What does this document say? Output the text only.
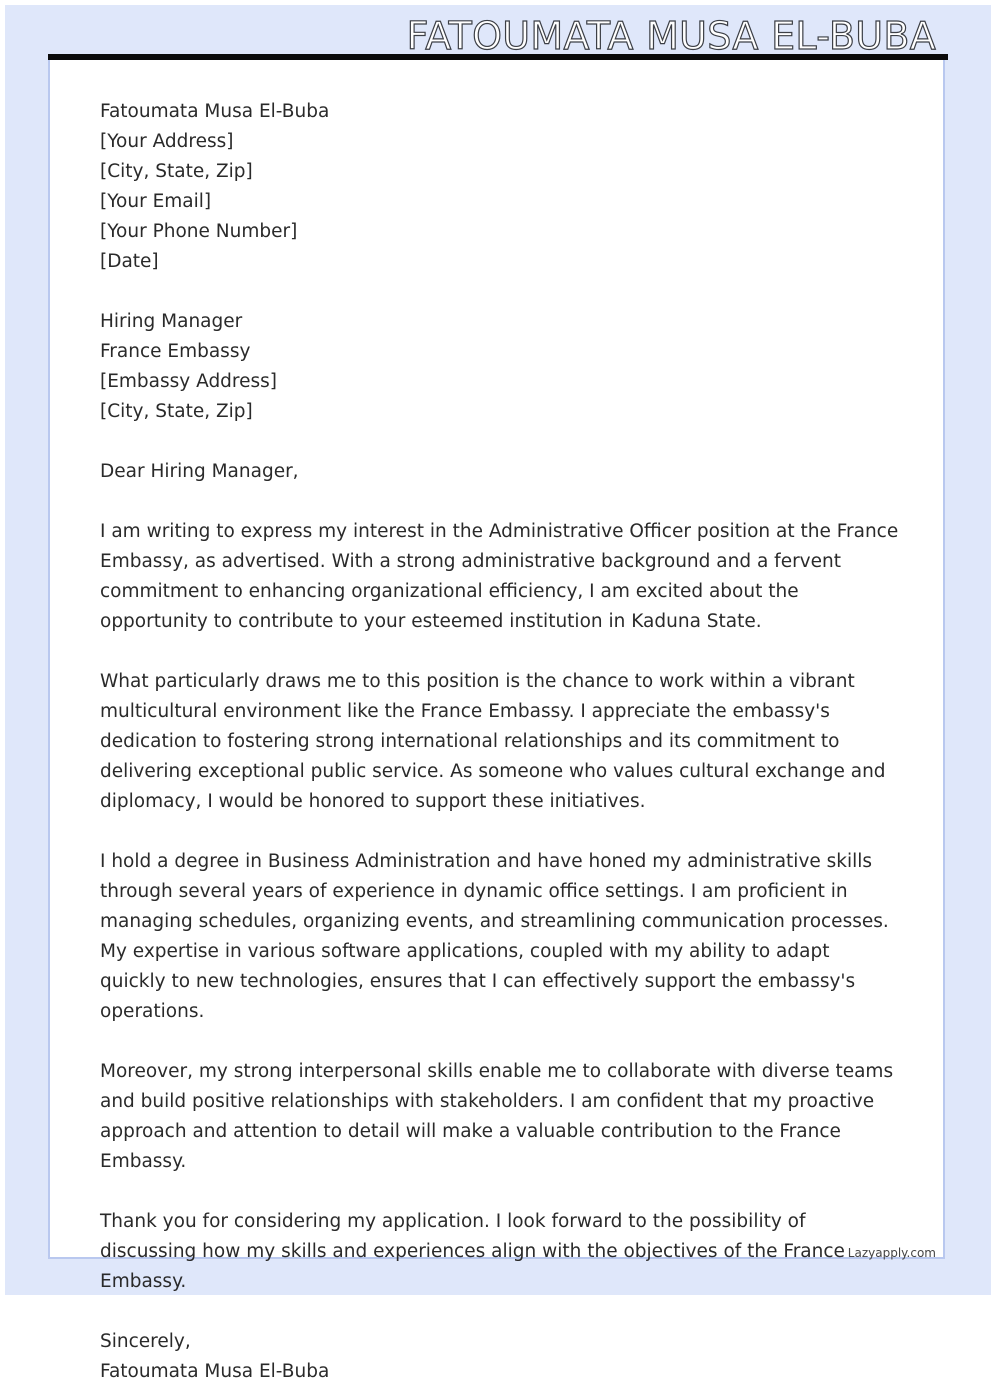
FATOUMATA MUSA EL-BUBA
Fatoumata Musa El-Buba
[Your Address]
[City, State, Zip]
[Your Email]
[Your Phone Number]
[Date]
Hiring Manager
France Embassy
[Embassy Address]
[City, State, Zip]
Dear Hiring Manager,
I am writing to express my interest in the Administrative Officer position at the France Embassy, as advertised. With a strong administrative background and a fervent commitment to enhancing organizational efficiency, I am excited about the opportunity to contribute to your esteemed institution in Kaduna State.
What particularly draws me to this position is the chance to work within a vibrant multicultural environment like the France Embassy. I appreciate the embassy's dedication to fostering strong international relationships and its commitment to delivering exceptional public service. As someone who values cultural exchange and diplomacy, I would be honored to support these initiatives.
I hold a degree in Business Administration and have honed my administrative skills through several years of experience in dynamic office settings. I am proficient in managing schedules, organizing events, and streamlining communication processes. My expertise in various software applications, coupled with my ability to adapt quickly to new technologies, ensures that I can effectively support the embassy's operations.
Moreover, my strong interpersonal skills enable me to collaborate with diverse teams and build positive relationships with stakeholders. I am confident that my proactive approach and attention to detail will make a valuable contribution to the France Embassy.
Thank you for considering my application. I look forward to the possibility of discussing how my skills and experiences align with the objectives of the France Embassy.
Sincerely,
Fatoumata Musa El-Buba
Lazyapply.com
